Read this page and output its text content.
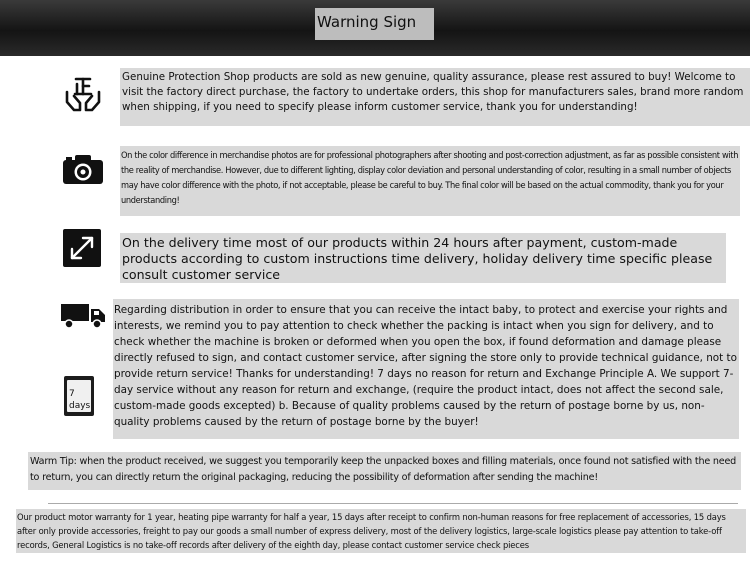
Warning Sign
Genuine Protection Shop products are sold as new genuine, quality assurance, please rest assured to buy! Welcome to visit the factory direct purchase, the factory to undertake orders, this shop for manufacturers sales, brand more random when shipping, if you need to specify please inform customer service, thank you for understanding!
On the color difference in merchandise photos are for professional photographers after shooting and post-correction adjustment, as far as possible consistent with the reality of merchandise. However, due to different lighting, display color deviation and personal understanding of color, resulting in a small number of objects may have color difference with the photo, if not acceptable, please be careful to buy. The final color will be based on the actual commodity, thank you for your understanding!
On the delivery time most of our products within 24 hours after payment, custom-made products according to custom instructions time delivery, holiday delivery time specific please consult customer service
7 days
Regarding distribution in order to ensure that you can receive the intact baby, to protect and exercise your rights and interests, we remind you to pay attention to check whether the packing is intact when you sign for delivery, and to check whether the machine is broken or deformed when you open the box, if found deformation and damage please directly refused to sign, and contact customer service, after signing the store only to provide technical guidance, not to provide return service! Thanks for understanding! 7 days no reason for return and Exchange Principle A. We support 7-day service without any reason for return and exchange, (require the product intact, does not affect the second sale, custom-made goods excepted) b. Because of quality problems caused by the return of postage borne by us, non-quality problems caused by the return of postage borne by the buyer!
Warm Tip: when the product received, we suggest you temporarily keep the unpacked boxes and filling materials, once found not satisfied with the need to return, you can directly return the original packaging, reducing the possibility of deformation after sending the machine!
Our product motor warranty for 1 year, heating pipe warranty for half a year, 15 days after receipt to confirm non-human reasons for free replacement of accessories, 15 days after only provide accessories, freight to pay our goods a small number of express delivery, most of the delivery logistics, large-scale logistics please pay attention to take-off records, General Logistics is no take-off records after delivery of the eighth day, please contact customer service check pieces
